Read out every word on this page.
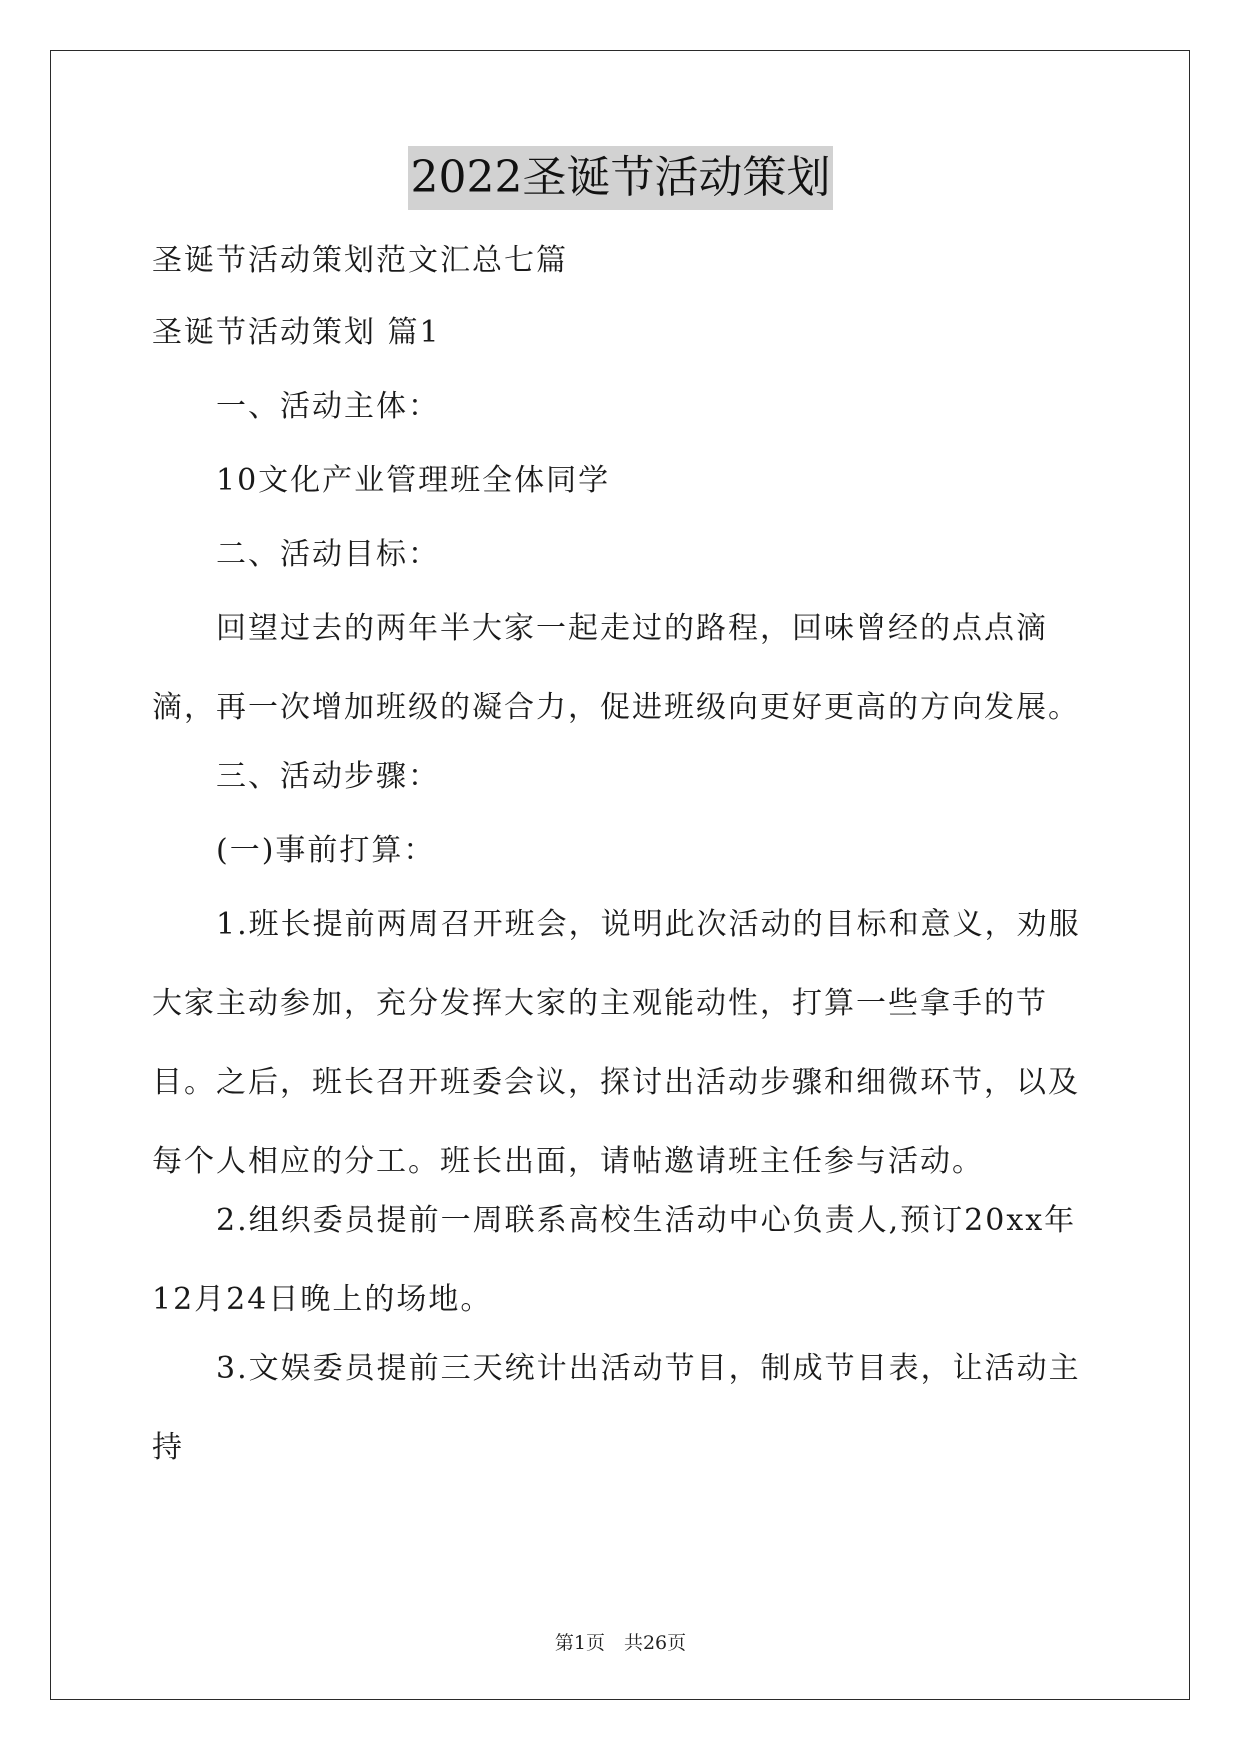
2022圣诞节活动策划

圣诞节活动策划范文汇总七篇

圣诞节活动策划 篇1

　　一、活动主体：

　　10文化产业管理班全体同学

　　二、活动目标：

　　回望过去的两年半大家一起走过的路程，回味曾经的点点滴滴，再一次增加班级的凝合力，促进班级向更好更高的方向发展。

　　三、活动步骤：

　　(一)事前打算：

　　1.班长提前两周召开班会，说明此次活动的目标和意义，劝服大家主动参加，充分发挥大家的主观能动性，打算一些拿手的节目。之后，班长召开班委会议，探讨出活动步骤和细微环节，以及每个人相应的分工。班长出面，请帖邀请班主任参与活动。

　　2.组织委员提前一周联系高校生活动中心负责人,预订20xx年12月24日晚上的场地。

　　3.文娱委员提前三天统计出活动节目，制成节目表，让活动主持

第1页　共26页
